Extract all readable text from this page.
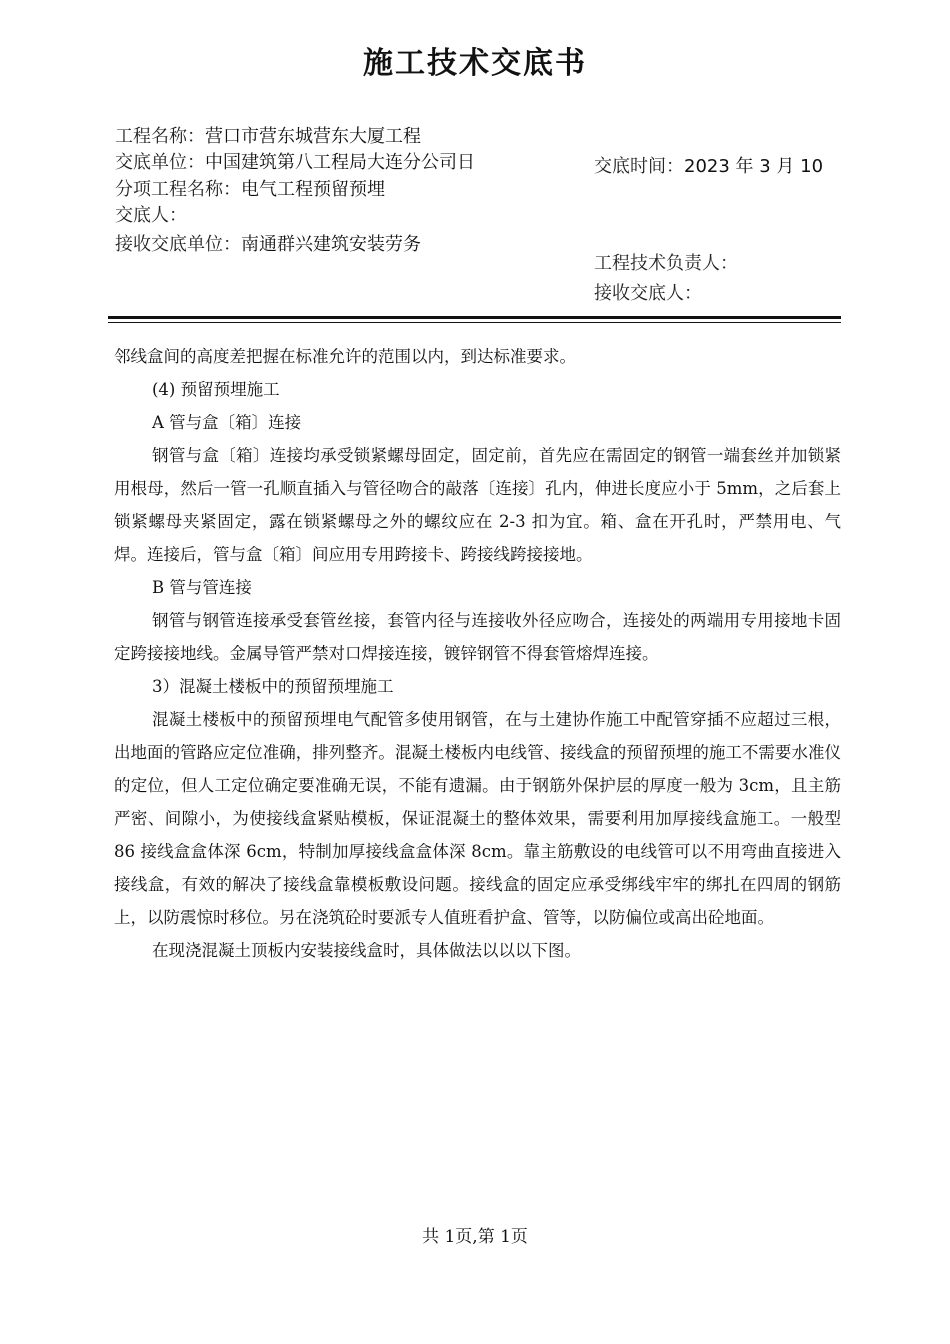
施工技术交底书
工程名称：营口市营东城营东大厦工程
交底单位：中国建筑第八工程局大连分公司日
分项工程名称：电气工程预留预埋
交底人：
接收交底单位：南通群兴建筑安装劳务
交底时间：2023 年 3 月 10
工程技术负责人：
接收交底人：

邻线盒间的高度差把握在标准允许的范围以内，到达标准要求。

(4) 预留预埋施工

A 管与盒〔箱〕连接

钢管与盒〔箱〕连接均承受锁紧螺母固定，固定前，首先应在需固定的钢管一端套丝并加锁紧用根母，然后一管一孔顺直插入与管径吻合的敲落〔连接〕孔内，伸进长度应小于 5mm，之后套上锁紧螺母夹紧固定，露在锁紧螺母之外的螺纹应在 2-3 扣为宜。箱、盒在开孔时，严禁用电、气焊。连接后，管与盒〔箱〕间应用专用跨接卡、跨接线跨接接地。

B 管与管连接

钢管与钢管连接承受套管丝接，套管内径与连接收外径应吻合，连接处的两端用专用接地卡固定跨接接地线。金属导管严禁对口焊接连接，镀锌钢管不得套管熔焊连接。

3）混凝土楼板中的预留预埋施工

混凝土楼板中的预留预埋电气配管多使用钢管，在与土建协作施工中配管穿插不应超过三根，出地面的管路应定位准确，排列整齐。混凝土楼板内电线管、接线盒的预留预埋的施工不需要水准仪的定位，但人工定位确定要准确无误，不能有遗漏。由于钢筋外保护层的厚度一般为 3cm，且主筋严密、间隙小，为使接线盒紧贴模板，保证混凝土的整体效果，需要利用加厚接线盒施工。一般型 86 接线盒盒体深 6cm，特制加厚接线盒盒体深 8cm。靠主筋敷设的电线管可以不用弯曲直接进入接线盒，有效的解决了接线盒靠模板敷设问题。接线盒的固定应承受绑线牢牢的绑扎在四周的钢筋上，以防震惊时移位。另在浇筑砼时要派专人值班看护盒、管等，以防偏位或高出砼地面。

在现浇混凝土顶板内安装接线盒时，具体做法以以以下图。

共 1页,第 1页
